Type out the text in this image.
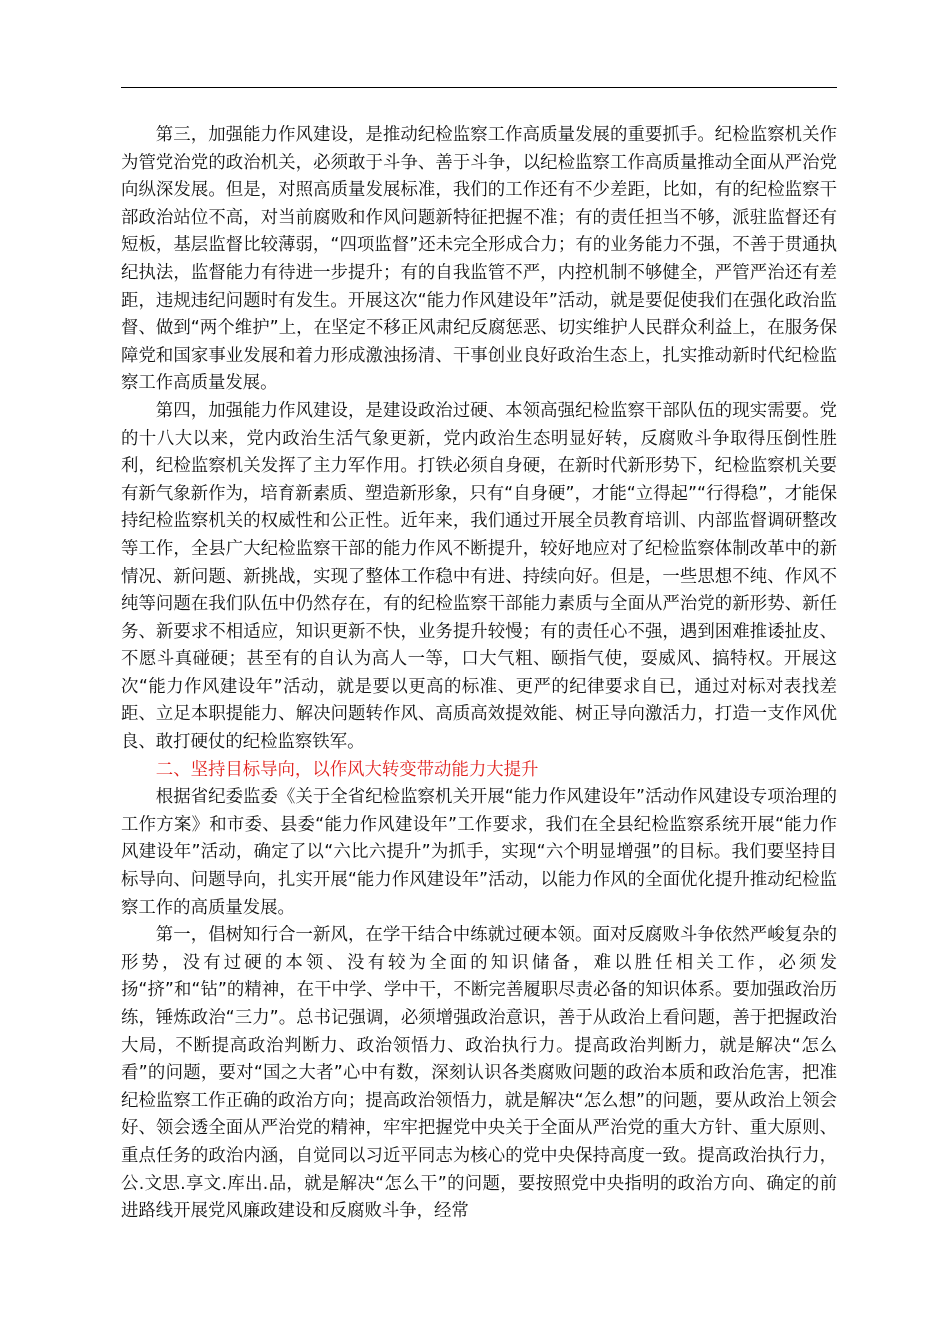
第三，加强能力作风建设，是推动纪检监察工作高质量发展的重要抓手。纪检监察机关作为管党治党的政治机关，必须敢于斗争、善于斗争，以纪检监察工作高质量推动全面从严治党向纵深发展。但是，对照高质量发展标准，我们的工作还有不少差距，比如，有的纪检监察干部政治站位不高，对当前腐败和作风问题新特征把握不准；有的责任担当不够，派驻监督还有短板，基层监督比较薄弱，“四项监督”还未完全形成合力；有的业务能力不强，不善于贯通执纪执法，监督能力有待进一步提升；有的自我监管不严，内控机制不够健全，严管严治还有差距，违规违纪问题时有发生。开展这次“能力作风建设年”活动，就是要促使我们在强化政治监督、做到“两个维护”上，在坚定不移正风肃纪反腐惩恶、切实维护人民群众利益上，在服务保障党和国家事业发展和着力形成激浊扬清、干事创业良好政治生态上，扎实推动新时代纪检监察工作高质量发展。

第四，加强能力作风建设，是建设政治过硬、本领高强纪检监察干部队伍的现实需要。党的十八大以来，党内政治生活气象更新，党内政治生态明显好转，反腐败斗争取得压倒性胜利，纪检监察机关发挥了主力军作用。打铁必须自身硬，在新时代新形势下，纪检监察机关要有新气象新作为，培育新素质、塑造新形象，只有“自身硬”，才能“立得起”“行得稳”，才能保持纪检监察机关的权威性和公正性。近年来，我们通过开展全员教育培训、内部监督调研整改等工作，全县广大纪检监察干部的能力作风不断提升，较好地应对了纪检监察体制改革中的新情况、新问题、新挑战，实现了整体工作稳中有进、持续向好。但是，一些思想不纯、作风不纯等问题在我们队伍中仍然存在，有的纪检监察干部能力素质与全面从严治党的新形势、新任务、新要求不相适应，知识更新不快，业务提升较慢；有的责任心不强，遇到困难推诿扯皮、不愿斗真碰硬；甚至有的自认为高人一等，口大气粗、颐指气使，耍威风、搞特权。开展这次“能力作风建设年”活动，就是要以更高的标准、更严的纪律要求自已，通过对标对表找差距、立足本职提能力、解决问题转作风、高质高效提效能、树正导向激活力，打造一支作风优良、敢打硬仗的纪检监察铁军。

二、坚持目标导向，以作风大转变带动能力大提升

根据省纪委监委《关于全省纪检监察机关开展“能力作风建设年”活动作风建设专项治理的工作方案》和市委、县委“能力作风建设年”工作要求，我们在全县纪检监察系统开展“能力作风建设年”活动，确定了以“六比六提升”为抓手，实现“六个明显增强”的目标。我们要坚持目标导向、问题导向，扎实开展“能力作风建设年”活动，以能力作风的全面优化提升推动纪检监察工作的高质量发展。

第一，倡树知行合一新风，在学干结合中练就过硬本领。面对反腐败斗争依然严峻复杂的形势，没有过硬的本领、没有较为全面的知识储备，难以胜任相关工作，必须发扬“挤”和“钻”的精神，在干中学、学中干，不断完善履职尽责必备的知识体系。要加强政治历练，锤炼政治“三力”。总书记强调，必须增强政治意识，善于从政治上看问题，善于把握政治大局，不断提高政治判断力、政治领悟力、政治执行力。提高政治判断力，就是解决“怎么看”的问题，要对“国之大者”心中有数，深刻认识各类腐败问题的政治本质和政治危害，把准纪检监察工作正确的政治方向；提高政治领悟力，就是解决“怎么想”的问题，要从政治上领会好、领会透全面从严治党的精神，牢牢把握党中央关于全面从严治党的重大方针、重大原则、重点任务的政治内涵，自觉同以习近平同志为核心的党中央保持高度一致。提高政治执行力，公.文思.享文.库出.品，就是解决“怎么干”的问题，要按照党中央指明的政治方向、确定的前进路线开展党风廉政建设和反腐败斗争，经常
